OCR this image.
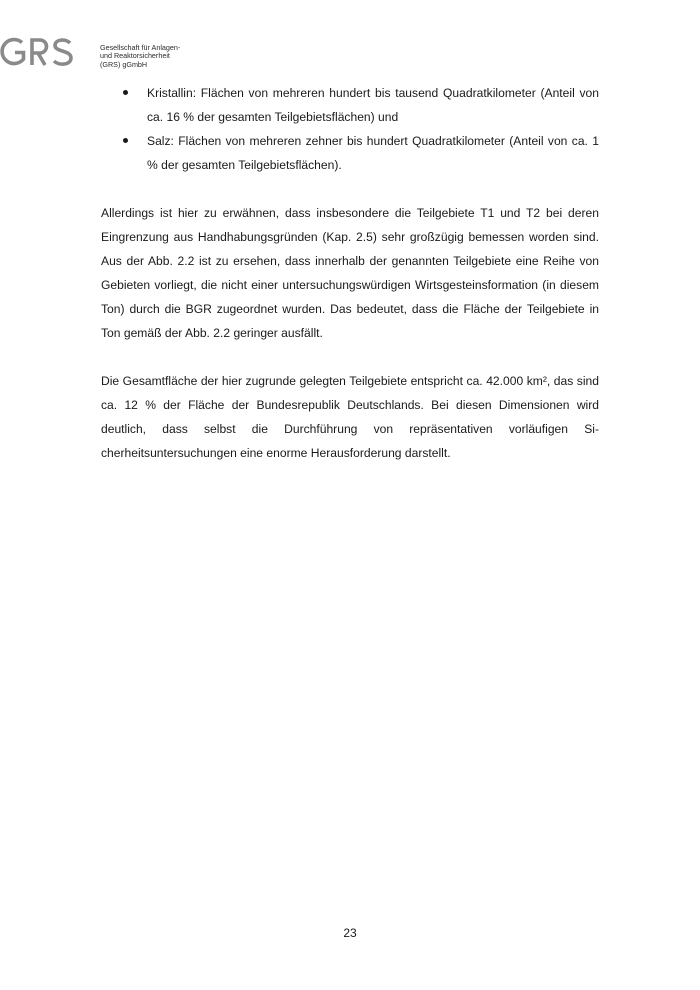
Gesellschaft für Anlagen-
und Reaktorsicherheit
(GRS) gGmbH
Kristallin: Flächen von mehreren hundert bis tausend Quadratkilometer (Anteil von ca. 16 % der gesamten Teilgebietsflächen) und
Salz: Flächen von mehreren zehner bis hundert Quadratkilometer (Anteil von ca. 1 % der gesamten Teilgebietsflächen).

Allerdings ist hier zu erwähnen, dass insbesondere die Teilgebiete T1 und T2 bei deren Eingrenzung aus Handhabungsgründen (Kap. 2.5) sehr großzügig bemessen worden sind. Aus der Abb. 2.2 ist zu ersehen, dass innerhalb der genannten Teilgebiete eine Reihe von Gebieten vorliegt, die nicht einer untersuchungswürdigen Wirtsgesteinsformation (in diesem Ton) durch die BGR zugeordnet wurden. Das bedeutet, dass die Fläche der Teilgebiete in Ton gemäß der Abb. 2.2 geringer ausfällt.

Die Gesamtfläche der hier zugrunde gelegten Teilgebiete entspricht ca. 42.000 km², das sind ca. 12 % der Fläche der Bundesrepublik Deutschlands. Bei diesen Dimensionen wird deutlich, dass selbst die Durchführung von repräsentativen vorläufigen Sicherheitsuntersuchungen eine enorme Herausforderung darstellt.

23
